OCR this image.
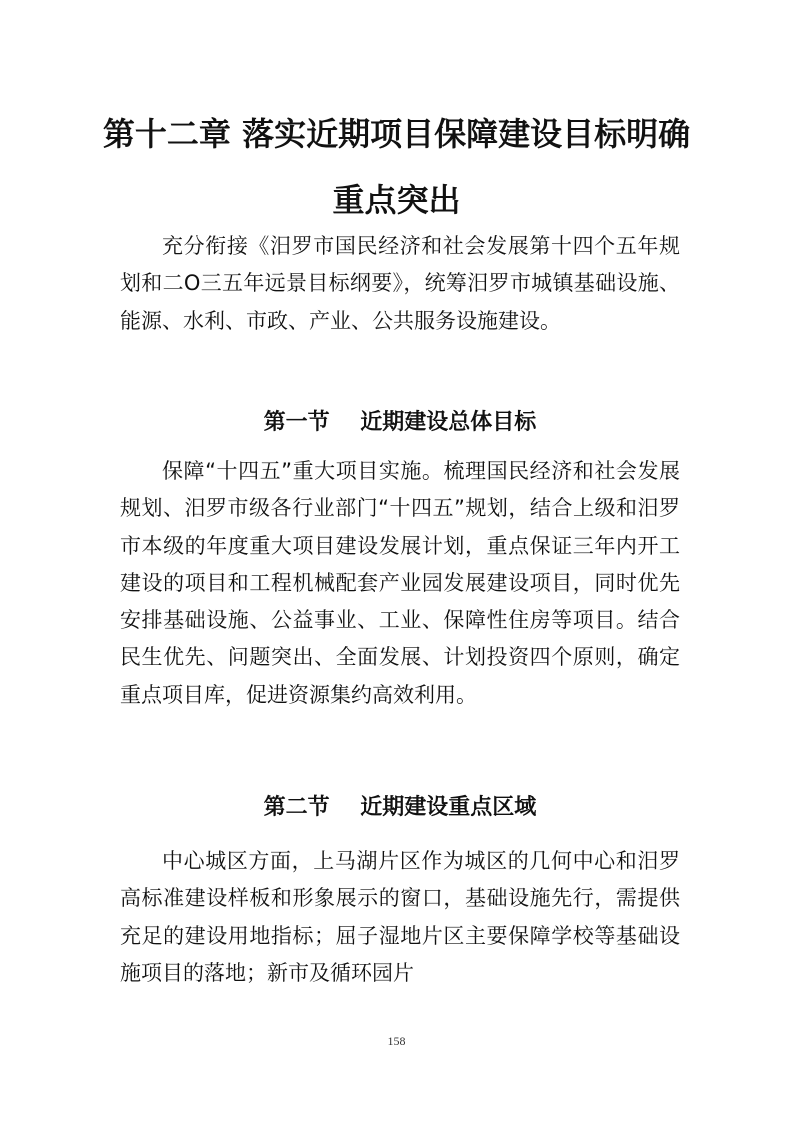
第十二章 落实近期项目保障建设目标明确
重点突出

充分衔接《汨罗市国民经济和社会发展第十四个五年规划和二O三五年远景目标纲要》，统筹汨罗市城镇基础设施、能源、水利、市政、产业、公共服务设施建设。

第一节    近期建设总体目标

保障“十四五”重大项目实施。梳理国民经济和社会发展规划、汨罗市级各行业部门“十四五”规划，结合上级和汨罗市本级的年度重大项目建设发展计划，重点保证三年内开工建设的项目和工程机械配套产业园发展建设项目，同时优先安排基础设施、公益事业、工业、保障性住房等项目。结合民生优先、问题突出、全面发展、计划投资四个原则，确定重点项目库，促进资源集约高效利用。

第二节    近期建设重点区域

中心城区方面，上马湖片区作为城区的几何中心和汨罗高标准建设样板和形象展示的窗口，基础设施先行，需提供充足的建设用地指标；屈子湿地片区主要保障学校等基础设施项目的落地；新市及循环园片

158
